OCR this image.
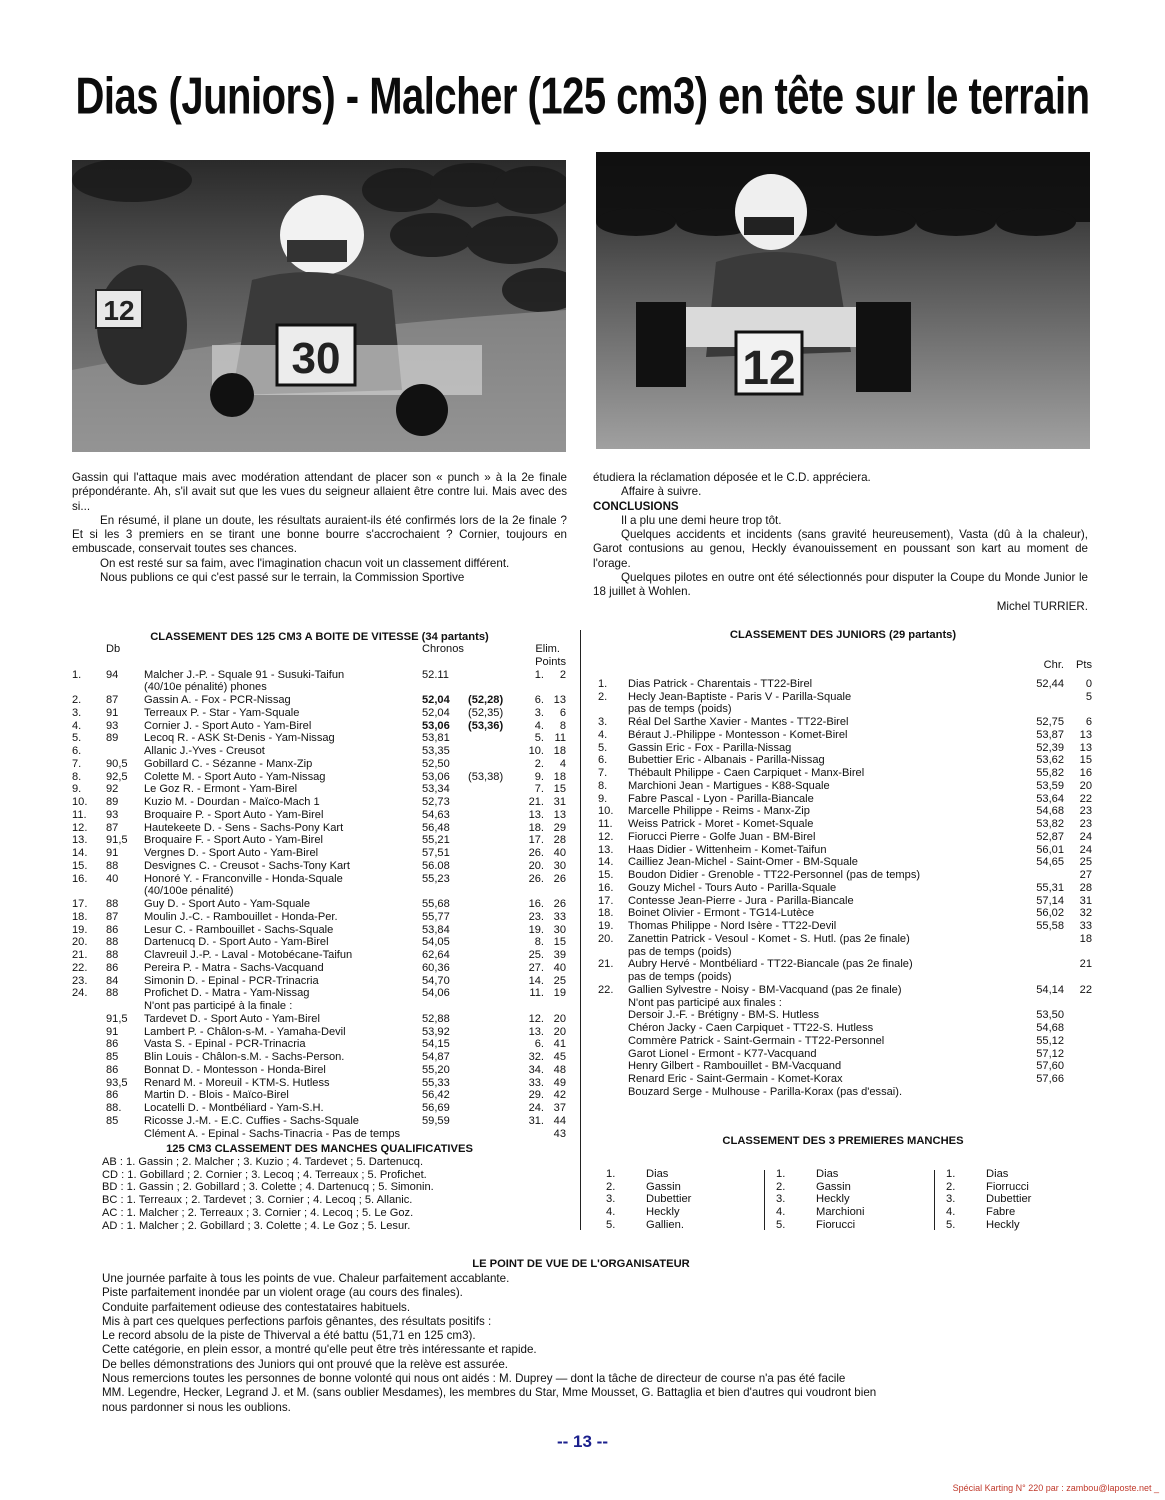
Dias (Juniors) - Malcher (125 cm3) en tête sur le terrain
12
30	12

Gassin qui l'attaque mais avec modération attendant de placer son « punch » à la 2e finale prépondérante. Ah, s'il avait sut que les vues du seigneur allaient être contre lui. Mais avec des si...

En résumé, il plane un doute, les résultats auraient-ils été confirmés lors de la 2e finale ? Et si les 3 premiers en se tirant une bonne bourre s'accrochaient ? Cornier, toujours en embuscade, conservait toutes ses chances.

On est resté sur sa faim, avec l'imagination chacun voit un classement différent.

Nous publions ce qui c'est passé sur le terrain, la Commission Sportive

étudiera la réclamation déposée et le C.D. appréciera.

Affaire à suivre.

CONCLUSIONS

Il a plu une demi heure trop tôt.

Quelques accidents et incidents (sans gravité heureusement), Vasta (dû à la chaleur), Garot contusions au genou, Heckly évanouissement en poussant son kart au moment de l'orage.

Quelques pilotes en outre ont été sélectionnés pour disputer la Coupe du Monde Junior le 18 juillet à Wohlen.

Michel TURRIER.

CLASSEMENT DES 125 CM3 A BOITE DE VITESSE (34 partants)
	Db		Chronos		Elim.	
					Points	
1.	94	Malcher J.-P. - Squale 91 - Susuki-Taifun	52.11		1.	2
		(40/10e pénalité) phones				

2.	87	Gassin A. - Fox - PCR-Nissag	52,04	(52,28)	6.	13
3.	91	Terreaux P. - Star - Yam-Squale	52,04	(52,35)	3.	6
4.	93	Cornier J. - Sport Auto - Yam-Birel	53,06	(53,36)	4.	8
5.	89	Lecoq R. - ASK St-Denis - Yam-Nissag	53,81		5.	11
6.		Allanic J.-Yves - Creusot	53,35		10.	18
7.	90,5	Gobillard C. - Sézanne - Manx-Zip	52,50		2.	4
8.	92,5	Colette M. - Sport Auto - Yam-Nissag	53,06	(53,38)	9.	18
9.	92	Le Goz R. - Ermont - Yam-Birel	53,34		7.	15
10.	89	Kuzio M. - Dourdan - Maïco-Mach 1	52,73		21.	31
11.	93	Broquaire P. - Sport Auto - Yam-Birel	54,63		13.	13
12.	87	Hautekeete D. - Sens - Sachs-Pony Kart	56,48		18.	29
13.	91,5	Broquaire F. - Sport Auto - Yam-Birel	55,21		17.	28
14.	91	Vergnes D. - Sport Auto - Yam-Birel	57,51		26.	40
15.	88	Desvignes C. - Creusot - Sachs-Tony Kart	56.08		20.	30
16.	40	Honoré Y. - Franconville - Honda-Squale	55,23		26.	26
		(40/100e pénalité)				
17.	88	Guy D. - Sport Auto - Yam-Squale	55,68		16.	26
18.	87	Moulin J.-C. - Rambouillet - Honda-Per.	55,77		23.	33
19.	86	Lesur C. - Rambouillet - Sachs-Squale	53,84		19.	30
20.	88	Dartenucq D. - Sport Auto - Yam-Birel	54,05		8.	15
21.	88	Clavreuil J.-P. - Laval - Motobécane-Taifun	62,64		25.	39
22.	86	Pereira P. - Matra - Sachs-Vacquand	60,36		27.	40
23.	84	Simonin D. - Epinal - PCR-Trinacria	54,70		14.	25
24.	88	Profichet D. - Matra - Yam-Nissag	54,06		11.	19
		N'ont pas participé à la finale :				
	91,5	Tardevet D. - Sport Auto - Yam-Birel	52,88		12.	20
	91	Lambert P. - Châlon-s-M. - Yamaha-Devil	53,92		13.	20
	86	Vasta S. - Epinal - PCR-Trinacria	54,15		6.	41
	85	Blin Louis - Châlon-s.M. - Sachs-Person.	54,87		32.	45
	86	Bonnat D. - Montesson - Honda-Birel	55,20		34.	48
	93,5	Renard M. - Moreuil - KTM-S. Hutless	55,33		33.	49
	86	Martin D. - Blois - Maïco-Birel	56,42		29.	42
	88.	Locatelli D. - Montbéliard - Yam-S.H.	56,69		24.	37
	85	Ricosse J.-M. - E.C. Cuffies - Sachs-Squale	59,59		31.	44
		Clément A. - Epinal - Sachs-Tinacria - Pas de temps				43
125 CM3 CLASSEMENT DES MANCHES QUALIFICATIVES
AB : 1. Gassin ; 2. Malcher ; 3. Kuzio ; 4. Tardevet ; 5. Dartenucq.
CD : 1. Gobillard ; 2. Cornier ; 3. Lecoq ; 4. Terreaux ; 5. Profichet.
BD : 1. Gassin ; 2. Gobillard ; 3. Colette ; 4. Dartenucq ; 5. Simonin.
BC : 1. Terreaux ; 2. Tardevet ; 3. Cornier ; 4. Lecoq ; 5. Allanic.
AC : 1. Malcher ; 2. Terreaux ; 3. Cornier ; 4. Lecoq ; 5. Le Goz.
AD : 1. Malcher ; 2. Gobillard ; 3. Colette ; 4. Le Goz ; 5. Lesur.
CLASSEMENT DES JUNIORS (29 partants)
		Chr.	Pts

1.	Dias Patrick - Charentais - TT22-Birel	52,44	0
2.	Hecly Jean-Baptiste - Paris V - Parilla-Squale		5
	pas de temps (poids)		
3.	Réal Del Sarthe Xavier - Mantes - TT22-Birel	52,75	6
4.	Béraut J.-Philippe - Montesson - Komet-Birel	53,87	13
5.	Gassin Eric - Fox - Parilla-Nissag	52,39	13
6.	Bubettier Eric - Albanais - Parilla-Nissag	53,62	15
7.	Thébault Philippe - Caen Carpiquet - Manx-Birel	55,82	16
8.	Marchioni Jean - Martigues - K88-Squale	53,59	20
9.	Fabre Pascal - Lyon - Parilla-Biancale	53,64	22
10.	Marcelle Philippe - Reims - Manx-Zip	54,68	23
11.	Weiss Patrick - Moret - Komet-Squale	53,82	23
12.	Fiorucci Pierre - Golfe Juan - BM-Birel	52,87	24
13.	Haas Didier - Wittenheim - Komet-Taifun	56,01	24
14.	Cailliez Jean-Michel - Saint-Omer - BM-Squale	54,65	25
15.	Boudon Didier - Grenoble - TT22-Personnel (pas de temps)		27
16.	Gouzy Michel - Tours Auto - Parilla-Squale	55,31	28
17.	Contesse Jean-Pierre - Jura - Parilla-Biancale	57,14	31
18.	Boinet Olivier - Ermont - TG14-Lutèce	56,02	32
19.	Thomas Philippe - Nord Isère - TT22-Devil	55,58	33
20.	Zanettin Patrick - Vesoul - Komet - S. Hutl. (pas 2e finale)		18
	pas de temps (poids)		
21.	Aubry Hervé - Montbéliard - TT22-Biancale (pas 2e finale)		21
	pas de temps (poids)		
22.	Gallien Sylvestre - Noisy - BM-Vacquand (pas 2e finale)	54,14	22
	N'ont pas participé aux finales :		
	Dersoir J.-F. - Brétigny - BM-S. Hutless	53,50	
	Chéron Jacky - Caen Carpiquet - TT22-S. Hutless	54,68	
	Commère Patrick - Saint-Germain - TT22-Personnel	55,12	
	Garot Lionel - Ermont - K77-Vacquand	57,12	
	Henry Gilbert - Rambouillet - BM-Vacquand	57,60	
	Renard Eric - Saint-Germain - Komet-Korax	57,66	
	Bouzard Serge - Mulhouse - Parilla-Korax (pas d'essai).		
CLASSEMENT DES 3 PREMIERES MANCHES
1.	Dias
2.	Gassin
3.	Dubettier
4.	Heckly
5.	Gallien.
1.	Dias
2.	Gassin
3.	Heckly
4.	Marchioni
5.	Fiorucci
1.	Dias
2.	Fiorrucci
3.	Dubettier
4.	Fabre
5.	Heckly
LE POINT DE VUE DE L'ORGANISATEUR

Une journée parfaite à tous les points de vue. Chaleur parfaitement accablante.

Piste parfaitement inondée par un violent orage (au cours des finales).

Conduite parfaitement odieuse des contestataires habituels.

Mis à part ces quelques perfections parfois gênantes, des résultats positifs :

Le record absolu de la piste de Thiverval a été battu (51,71 en 125 cm3).

Cette catégorie, en plein essor, a montré qu'elle peut être très intéressante et rapide.

De belles démonstrations des Juniors qui ont prouvé que la relève est assurée.

Nous remercions toutes les personnes de bonne volonté qui nous ont aidés : M. Duprey — dont la tâche de directeur de course n'a pas été facile

MM. Legendre, Hecker, Legrand J. et M. (sans oublier Mesdames), les membres du Star, Mme Mousset, G. Battaglia et bien d'autres qui voudront bien

nous pardonner si nous les oublions.

-- 13 --
Spécial Karting N° 220 par : zambou@laposte.net _
